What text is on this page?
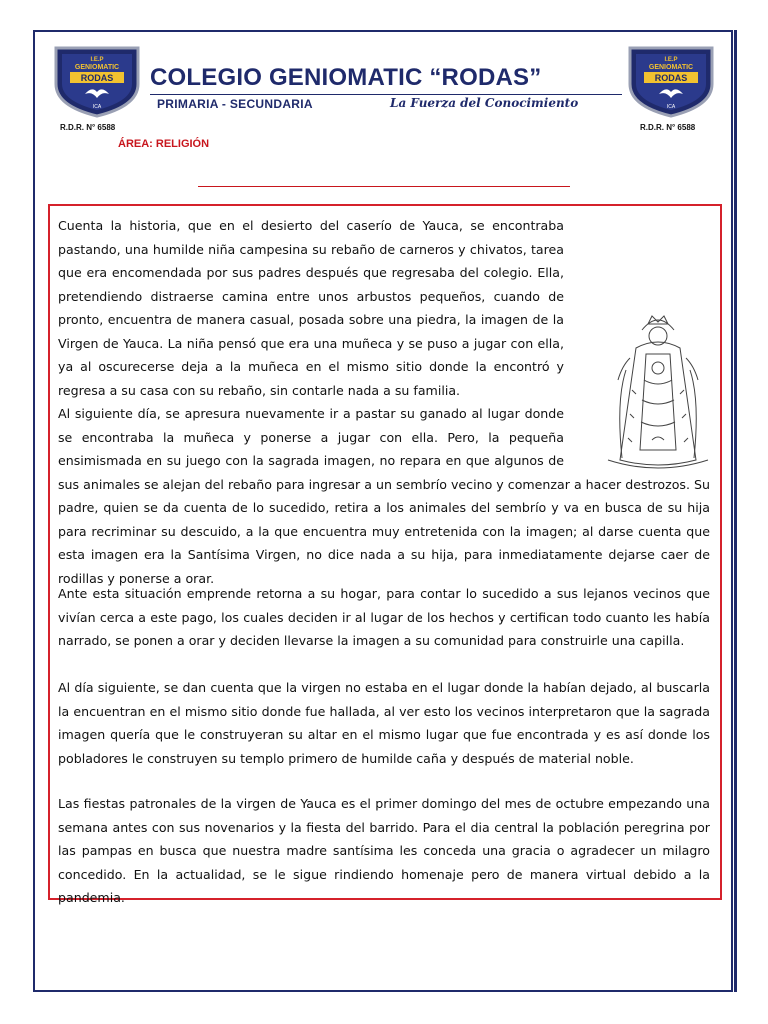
I.E.P
GENIOMATIC
RODAS
ICA
I.E.P
GENIOMATIC
RODAS
ICA
R.D.R. N° 6588	R.D.R. N° 6588
COLEGIO GENIOMATIC “RODAS”
PRIMARIA - SECUNDARIA	La Fuerza del Conocimiento
ÁREA: RELIGIÓN

Cuenta la historia, que en el desierto del caserío de Yauca, se encontraba pastando, una humilde niña campesina su rebaño de carneros y chivatos, tarea que era encomendada por sus padres después que regresaba del colegio. Ella, pretendiendo distraerse camina entre unos arbustos pequeños, cuando de pronto, encuentra de manera casual, posada sobre una piedra, la imagen de la Virgen de Yauca. La niña pensó que era una muñeca y se puso a jugar con ella, ya al oscurecerse deja a la muñeca en el mismo sitio donde la encontró y regresa a su casa con su rebaño, sin contarle nada a su familia.

Al siguiente día, se apresura nuevamente ir a pastar su ganado al lugar donde se encontraba la muñeca y ponerse a jugar con ella. Pero, la pequeña ensimismada en su juego con la sagrada imagen, no repara en que algunos de sus animales se alejan del rebaño para ingresar a un sembrío vecino y comenzar a hacer destrozos. Su padre, quien se da cuenta de lo sucedido, retira a los animales del sembrío y va en busca de su hija para recriminar su descuido, a la que encuentra muy entretenida con la imagen; al darse cuenta que esta imagen era la Santísima Virgen, no dice nada a su hija, para inmediatamente dejarse caer de rodillas y ponerse a orar.

Ante esta situación emprende retorna a su hogar, para contar lo sucedido a sus lejanos vecinos que vivían cerca a este pago, los cuales deciden ir al lugar de los hechos y certifican todo cuanto les había narrado, se ponen a orar y deciden llevarse la imagen a su comunidad para construirle una capilla.

Al día siguiente, se dan cuenta que la virgen no estaba en el lugar donde la habían dejado, al buscarla la encuentran en el mismo sitio donde fue hallada, al ver esto los vecinos interpretaron que la sagrada imagen quería que le construyeran su altar en el mismo lugar que fue encontrada y es así donde los pobladores le construyen su templo primero de humilde caña y después de material noble.

Las fiestas patronales de la virgen de Yauca es el primer domingo del mes de octubre empezando una semana antes con sus novenarios y la fiesta del barrido. Para el dia central la población peregrina por las pampas en busca que nuestra madre santísima les conceda una gracia o agradecer un milagro concedido. En la actualidad, se le sigue rindiendo homenaje pero de manera virtual debido a la pandemia.
